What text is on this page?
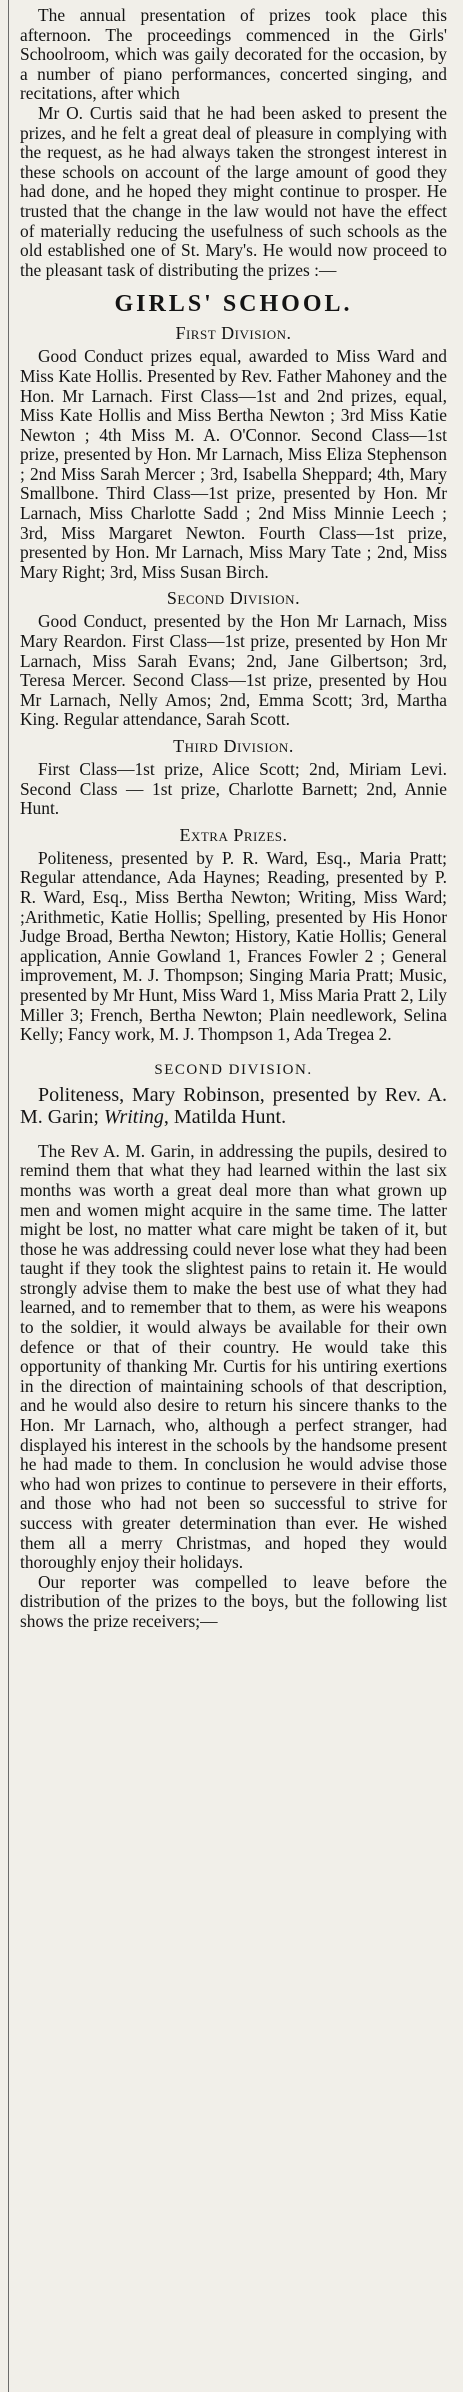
The annual presentation of prizes took place this afternoon. The proceedings commenced in the Girls' Schoolroom, which was gaily decorated for the occasion, by a number of piano performances, concerted singing, and recitations, after which

Mr O. Curtis said that he had been asked to present the prizes, and he felt a great deal of pleasure in complying with the request, as he had always taken the strongest interest in these schools on account of the large amount of good they had done, and he hoped they might continue to prosper. He trusted that the change in the law would not have the effect of materially reducing the usefulness of such schools as the old established one of St. Mary's. He would now proceed to the pleasant task of distributing the prizes :—

GIRLS' SCHOOL.
First Division.

Good Conduct prizes equal, awarded to Miss Ward and Miss Kate Hollis. Presented by Rev. Father Mahoney and the Hon. Mr Larnach. First Class—1st and 2nd prizes, equal, Miss Kate Hollis and Miss Bertha Newton ; 3rd Miss Katie Newton ; 4th Miss M. A. O'Connor. Second Class—1st prize, presented by Hon. Mr Larnach, Miss Eliza Stephenson ; 2nd Miss Sarah Mercer ; 3rd, Isabella Sheppard; 4th, Mary Smallbone. Third Class—1st prize, presented by Hon. Mr Larnach, Miss Charlotte Sadd ; 2nd Miss Minnie Leech ; 3rd, Miss Margaret Newton. Fourth Class—1st prize, presented by Hon. Mr Larnach, Miss Mary Tate ; 2nd, Miss Mary Right; 3rd, Miss Susan Birch.

Second Division.

Good Conduct, presented by the Hon Mr Larnach, Miss Mary Reardon. First Class—1st prize, presented by Hon Mr Larnach, Miss Sarah Evans; 2nd, Jane Gilbertson; 3rd, Teresa Mercer. Second Class—1st prize, presented by Hou Mr Larnach, Nelly Amos; 2nd, Emma Scott; 3rd, Martha King. Regular attendance, Sarah Scott.

Third Division.

First Class—1st prize, Alice Scott; 2nd, Miriam Levi. Second Class — 1st prize, Charlotte Barnett; 2nd, Annie Hunt.

Extra Prizes.

Politeness, presented by P. R. Ward, Esq., Maria Pratt; Regular attendance, Ada Haynes; Reading, presented by P. R. Ward, Esq., Miss Bertha Newton; Writing, Miss Ward; ;Arithmetic, Katie Hollis; Spelling, presented by His Honor Judge Broad, Bertha Newton; History, Katie Hollis; General application, Annie Gowland 1, Frances Fowler 2 ; General improvement, M. J. Thompson; Singing Maria Pratt; Music, presented by Mr Hunt, Miss Ward 1, Miss Maria Pratt 2, Lily Miller 3; French, Bertha Newton; Plain needlework, Selina Kelly; Fancy work, M. J. Thompson 1, Ada Tregea 2.

SECOND DIVISION.

Politeness, Mary Robinson, presented by Rev. A. M. Garin; Writing, Matilda Hunt.

The Rev A. M. Garin, in addressing the pupils, desired to remind them that what they had learned within the last six months was worth a great deal more than what grown up men and women might acquire in the same time. The latter might be lost, no matter what care might be taken of it, but those he was addressing could never lose what they had been taught if they took the slightest pains to retain it. He would strongly advise them to make the best use of what they had learned, and to remember that to them, as were his weapons to the soldier, it would always be available for their own defence or that of their country. He would take this opportunity of thanking Mr. Curtis for his untiring exertions in the direction of maintaining schools of that description, and he would also desire to return his sincere thanks to the Hon. Mr Larnach, who, although a perfect stranger, had displayed his interest in the schools by the handsome present he had made to them. In conclusion he would advise those who had won prizes to continue to persevere in their efforts, and those who had not been so successful to strive for success with greater determination than ever. He wished them all a merry Christmas, and hoped they would thoroughly enjoy their holidays.

Our reporter was compelled to leave before the distribution of the prizes to the boys, but the following list shows the prize receivers;—
